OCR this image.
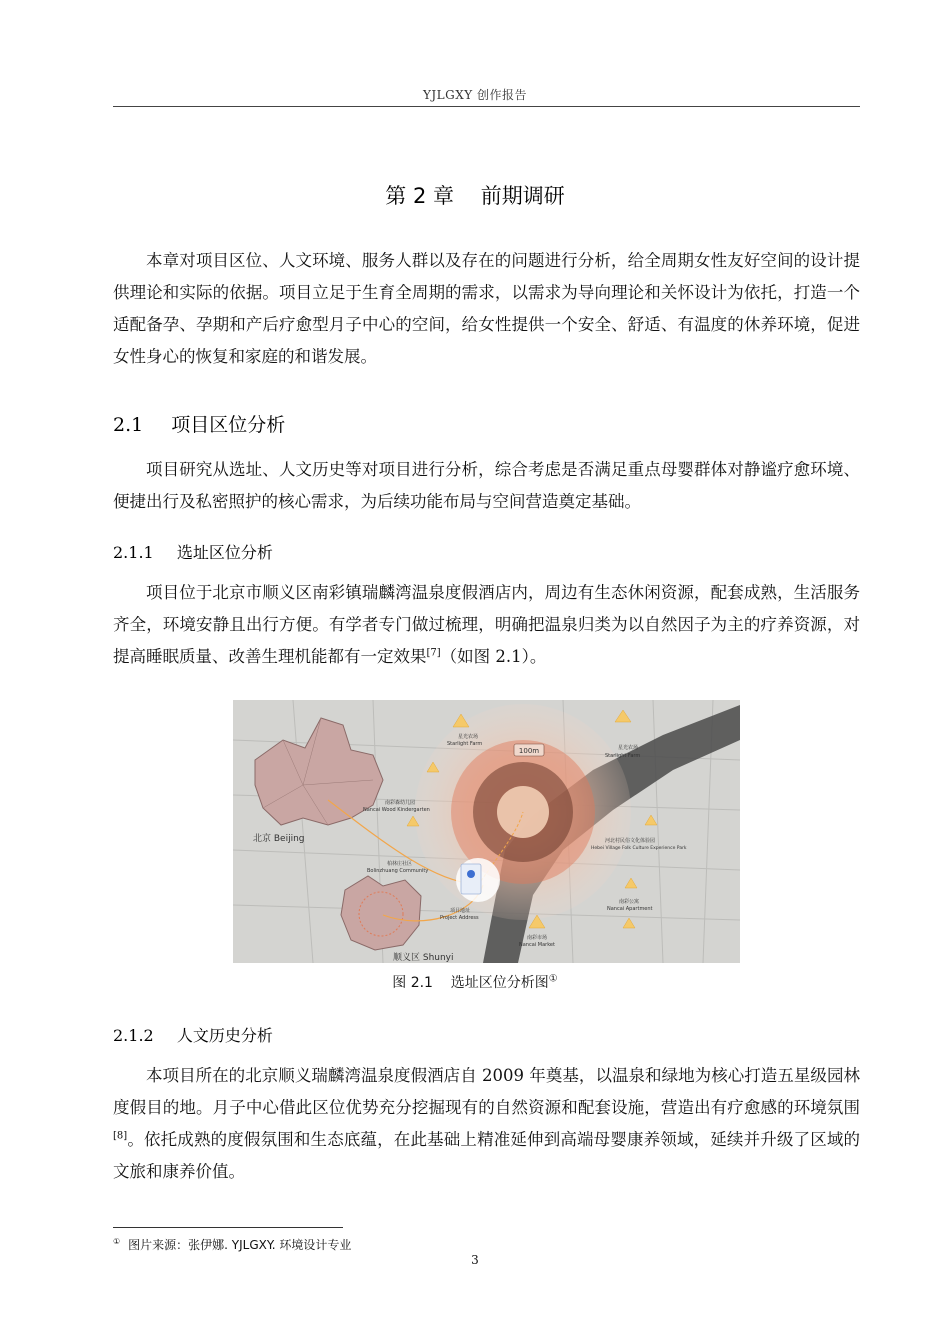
YJLGXY 创作报告
第 2 章    前期调研
本章对项目区位、人文环境、服务人群以及存在的问题进行分析，给全周期女性友好空间的设计提供理论和实际的依据。项目立足于生育全周期的需求，以需求为导向理论和关怀设计为依托，打造一个适配备孕、孕期和产后疗愈型月子中心的空间，给女性提供一个安全、舒适、有温度的休养环境，促进女性身心的恢复和家庭的和谐发展。
2.1 项目区位分析
项目研究从选址、人文历史等对项目进行分析，综合考虑是否满足重点母婴群体对静谧疗愈环境、便捷出行及私密照护的核心需求，为后续功能布局与空间营造奠定基础。
2.1.1 选址区位分析
项目位于北京市顺义区南彩镇瑞麟湾温泉度假酒店内，周边有生态休闲资源，配套成熟，生活服务齐全，环境安静且出行方便。有学者专门做过梳理，明确把温泉归类为以自然因子为主的疗养资源，对提高睡眠质量、改善生理机能都有一定效果[7]（如图 2.1）。
100m
北京 Beijing
顺义区 Shunyi
项目地址
Project Address
星光农场
Starlight Farm
星光农场
Starlight Farm
南彩森幼儿园
Nancai Wood Kindergarten
柏林庄社区
Bolinzhuang Community
河北村民俗文化体验园
Hebei Village Folk Culture Experience Park
南彩公寓
Nancai Apartment
南彩市场
Nancai Market
图 2.1    选址区位分析图①
2.1.2 人文历史分析
本项目所在的北京顺义瑞麟湾温泉度假酒店自 2009 年奠基，以温泉和绿地为核心打造五星级园林度假目的地。月子中心借此区位优势充分挖掘现有的自然资源和配套设施，营造出有疗愈感的环境氛围[8]。依托成熟的度假氛围和生态底蕴，在此基础上精准延伸到高端母婴康养领域，延续并升级了区域的文旅和康养价值。
① 图片来源：张伊娜. YJLGXY. 环境设计专业
3
